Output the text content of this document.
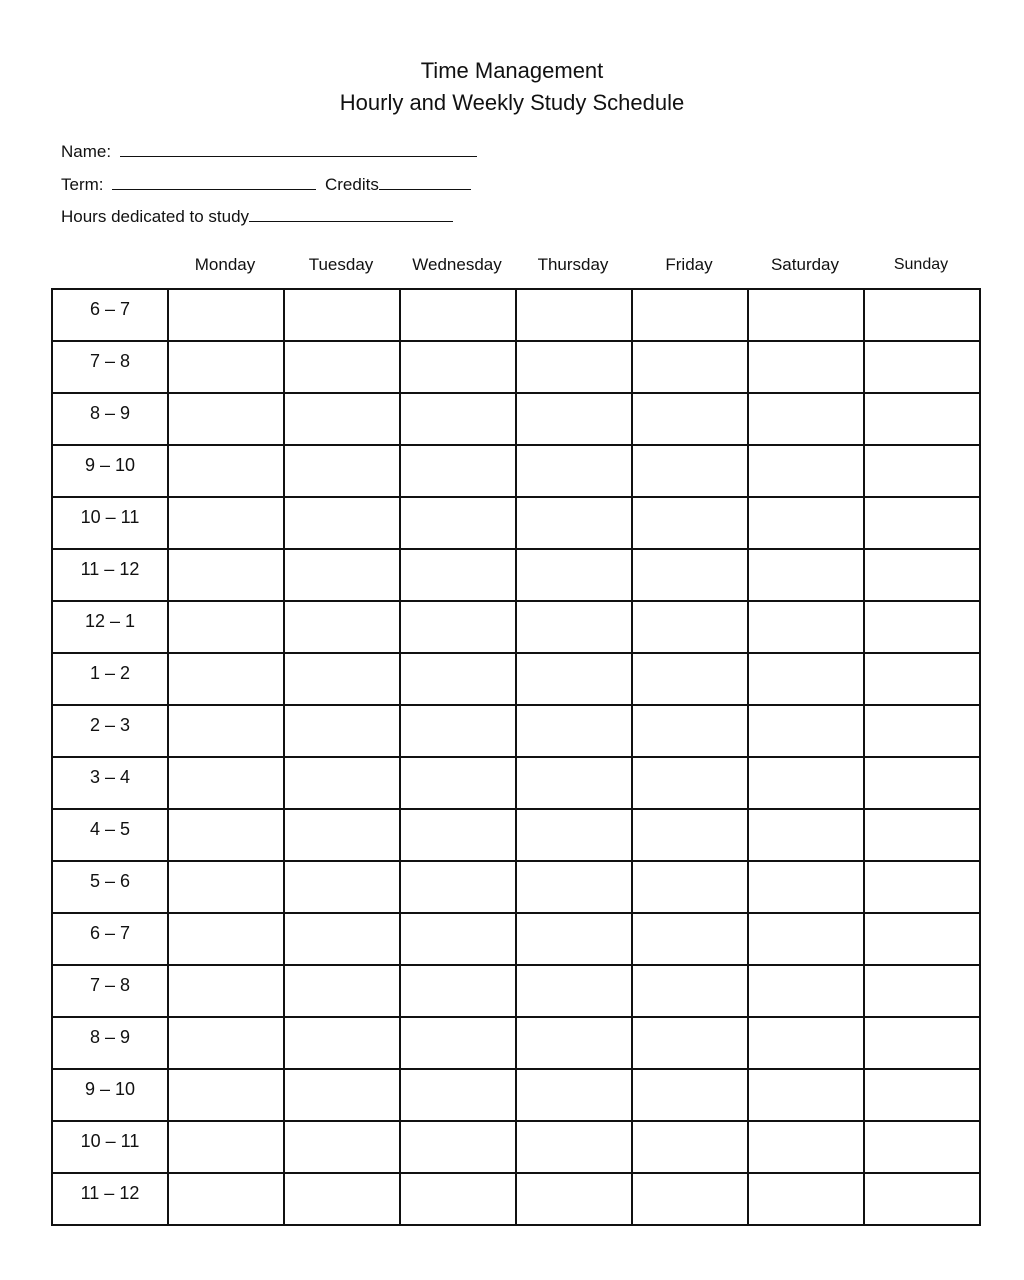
Time Management
Hourly and Weekly Study Schedule
Name:
Term:	Credits
Hours dedicated to study
Monday	Tuesday	Wednesday	Thursday	Friday	Saturday	Sunday
6 – 7							
7 – 8							
8 – 9							
9 – 10							
10 – 11							
11 – 12							
12 – 1							
1 – 2							
2 – 3							
3 – 4							
4 – 5							
5 – 6							
6 – 7							
7 – 8							
8 – 9							
9 – 10							
10 – 11							
11 – 12							
